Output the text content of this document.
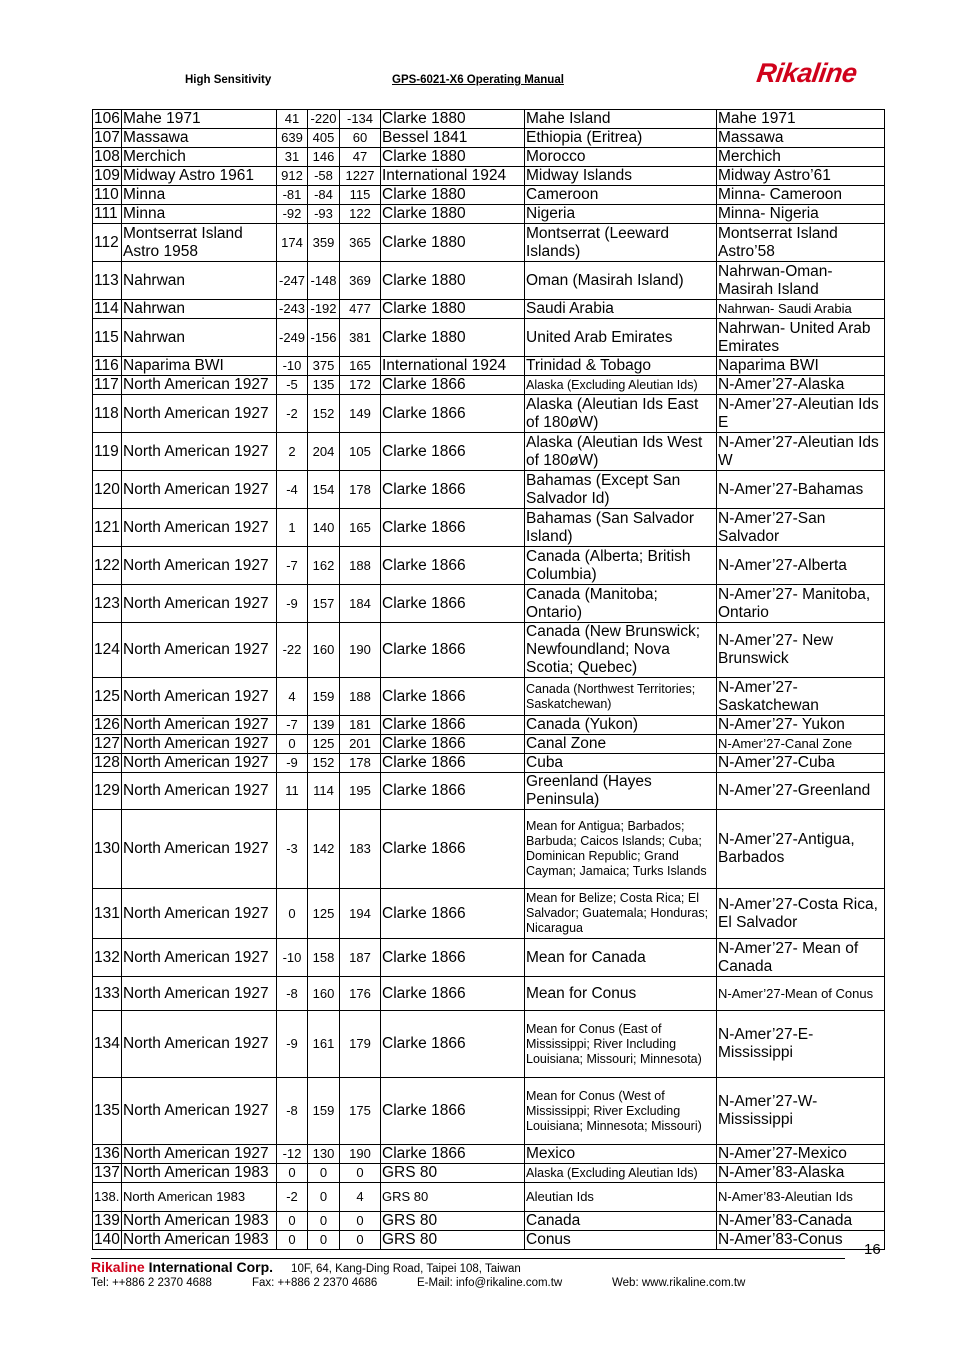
High Sensitivity	GPS-6021-X6 Operating Manual	Rikaline
106	Mahe 1971	41	-220	-134	Clarke 1880	Mahe Island	Mahe 1971
107	Massawa	639	405	60	Bessel 1841	Ethiopia (Eritrea)	Massawa
108	Merchich	31	146	47	Clarke 1880	Morocco	Merchich
109	Midway Astro 1961	912	-58	1227	International 1924	Midway Islands	Midway Astro’61
110	Minna	-81	-84	115	Clarke 1880	Cameroon	Minna- Cameroon
111	Minna	-92	-93	122	Clarke 1880	Nigeria	Minna- Nigeria
112	Montserrat Island Astro 1958	174	359	365	Clarke 1880	Montserrat (Leeward Islands)	Montserrat Island Astro’58
113	Nahrwan	-247	-148	369	Clarke 1880	Oman (Masirah Island)	Nahrwan-Oman-Masirah Island
114	Nahrwan	-243	-192	477	Clarke 1880	Saudi Arabia	Nahrwan- Saudi Arabia
115	Nahrwan	-249	-156	381	Clarke 1880	United Arab Emirates	Nahrwan- United Arab Emirates
116	Naparima BWI	-10	375	165	International 1924	Trinidad & Tobago	Naparima BWI
117	North American 1927	-5	135	172	Clarke 1866	Alaska (Excluding Aleutian Ids)	N-Amer’27-Alaska
118	North American 1927	-2	152	149	Clarke 1866	Alaska (Aleutian Ids East of 180øW)	N-Amer’27-Aleutian Ids E
119	North American 1927	2	204	105	Clarke 1866	Alaska (Aleutian Ids West of 180øW)	N-Amer’27-Aleutian Ids W
120	North American 1927	-4	154	178	Clarke 1866	Bahamas (Except San Salvador Id)	N-Amer’27-Bahamas
121	North American 1927	1	140	165	Clarke 1866	Bahamas (San Salvador Island)	N-Amer’27-San Salvador
122	North American 1927	-7	162	188	Clarke 1866	Canada (Alberta; British Columbia)	N-Amer’27-Alberta
123	North American 1927	-9	157	184	Clarke 1866	Canada (Manitoba; Ontario)	N-Amer’27- Manitoba, Ontario
124	North American 1927	-22	160	190	Clarke 1866	Canada (New Brunswick; Newfoundland; Nova Scotia; Quebec)	N-Amer’27- New Brunswick
125	North American 1927	4	159	188	Clarke 1866	Canada (Northwest Territories; Saskatchewan)	N-Amer’27- Saskatchewan
126	North American 1927	-7	139	181	Clarke 1866	Canada (Yukon)	N-Amer’27- Yukon
127	North American 1927	0	125	201	Clarke 1866	Canal Zone	N-Amer’27-Canal Zone
128	North American 1927	-9	152	178	Clarke 1866	Cuba	N-Amer’27-Cuba
129	North American 1927	11	114	195	Clarke 1866	Greenland (Hayes Peninsula)	N-Amer’27-Greenland
130	North American 1927	-3	142	183	Clarke 1866	Mean for Antigua; Barbados; Barbuda; Caicos Islands; Cuba; Dominican Republic; Grand Cayman; Jamaica; Turks Islands	N-Amer’27-Antigua, Barbados
131	North American 1927	0	125	194	Clarke 1866	Mean for Belize; Costa Rica; El Salvador; Guatemala; Honduras; Nicaragua	N-Amer’27-Costa Rica, El Salvador
132	North American 1927	-10	158	187	Clarke 1866	Mean for Canada	N-Amer’27- Mean of Canada
133	North American 1927	-8	160	176	Clarke 1866	Mean for Conus	N-Amer’27-Mean of Conus
134	North American 1927	-9	161	179	Clarke 1866	Mean for Conus (East of Mississippi; River Including Louisiana; Missouri; Minnesota)	N-Amer’27-E-Mississippi
135	North American 1927	-8	159	175	Clarke 1866	Mean for Conus (West of Mississippi; River Excluding Louisiana; Minnesota; Missouri)	N-Amer’27-W-Mississippi
136	North American 1927	-12	130	190	Clarke 1866	Mexico	N-Amer’27-Mexico
137	North American 1983	0	0	0	GRS 80	Alaska (Excluding Aleutian Ids)	N-Amer’83-Alaska
138.	North American 1983	-2	0	4	GRS 80	Aleutian Ids	N-Amer’83-Aleutian Ids
139	North American 1983	0	0	0	GRS 80	Canada	N-Amer’83-Canada
140	North American 1983	0	0	0	GRS 80	Conus	N-Amer’83-Conus
16
Rikaline International Corp. 10F, 64, Kang-Ding Road, Taipei 108, Taiwan
Tel: ++886 2 2370 4688	Fax: ++886 2 2370 4686	E-Mail: info@rikaline.com.tw	Web: www.rikaline.com.tw
